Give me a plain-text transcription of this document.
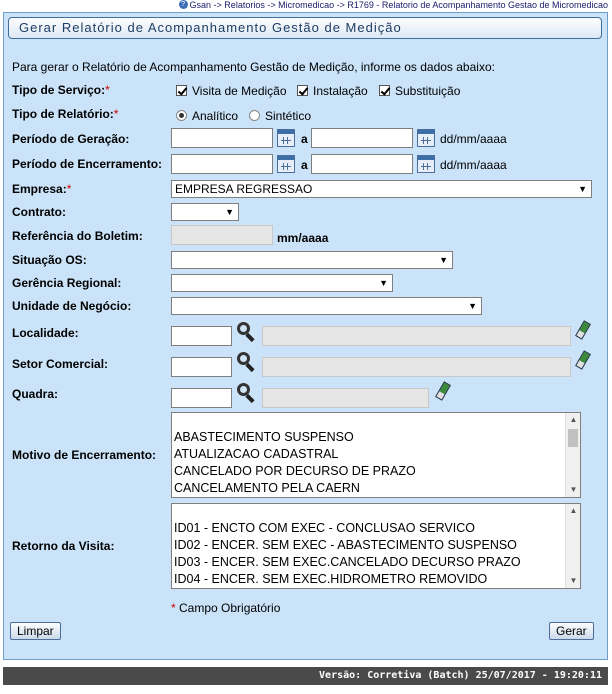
? Gsan -> Relatorios -> Micromedicao -> R1769 - Relatorio de Acompanhamento Gestao de Micromedicao
Gerar Relatório de Acompanhamento Gestão de Medição
Para gerar o Relatório de Acompanhamento Gestão de Medição, informe os dados abaixo:
Tipo de Serviço:*	Visita de Medição	Instalação	Substituição
Tipo de Relatório:*	Analítico	Sintético
Período de Geração:	a	dd/mm/aaaa
Período de Encerramento:	a	dd/mm/aaaa
Empresa:*	EMPRESA REGRESSAO	▼
Contrato:	▼
Referência do Boletim:	mm/aaaa
Situação OS:	▼
Gerência Regional:	▼
Unidade de Negócio:	▼
Localidade:
Setor Comercial:
Quadra:
Motivo de Encerramento:
ABASTECIMENTO SUSPENSO
ATUALIZACAO CADASTRAL
CANCELADO POR DECURSO DE PRAZO
CANCELAMENTO PELA CAERN
▲
▼
Retorno da Visita:
ID01 - ENCTO COM EXEC - CONCLUSAO SERVICO
ID02 - ENCER. SEM EXEC - ABASTECIMENTO SUSPENSO
ID03 - ENCER. SEM EXEC.CANCELADO DECURSO PRAZO
ID04 - ENCER. SEM EXEC.HIDROMETRO REMOVIDO
▲
▼
* Campo Obrigatório
Limpar	Gerar
Versão: Corretiva (Batch) 25/07/2017 - 19:20:11
